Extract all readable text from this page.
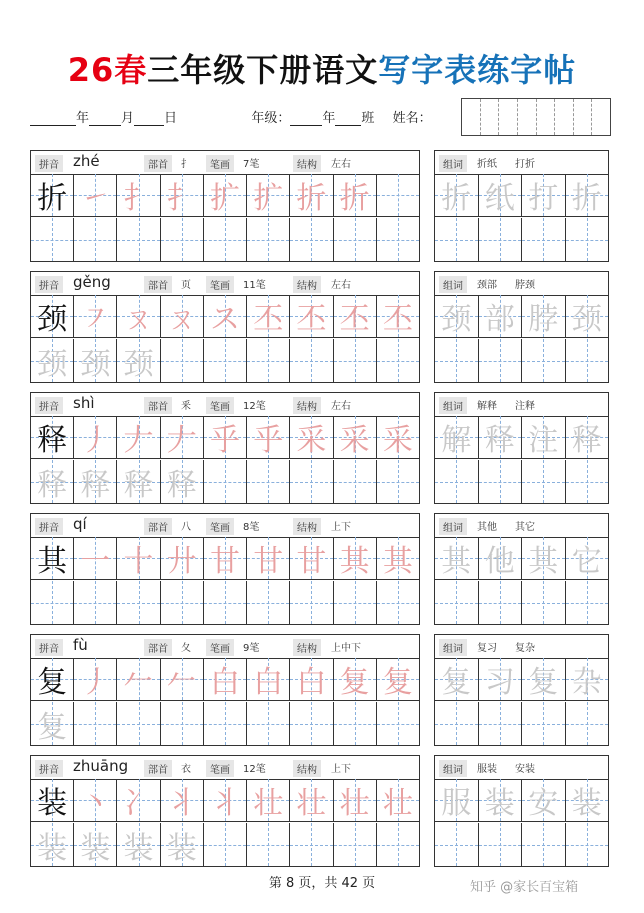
26春三年级下册语文写字表练字帖
年 月 日	年级： 年 班 姓名：
拼音 zhé	部首	扌	笔画	7笔	结构	左右
折 ㇀ 扌 扌 扩 扩 折 折
组词	折纸 打折
折 纸 打 折
拼音 gěng	部首	页	笔画	11笔	结构	左右
颈 ㇇ ㄡ ㄡ ス 丕 丕 丕 丕
颈 颈 颈
组词	颈部 脖颈
颈 部 脖 颈
拼音 shì	部首	釆	笔画	12笔	结构	左右
释 丿 𠂇 𠂇 乎 乎 采 采 采
释 释 释 释
组词	解释 注释
解 释 注 释
拼音 qí	部首	八	笔画	8笔	结构	上下
其 一 十 廾 甘 甘 甘 其 其
组词	其他 其它
其 他 其 它
拼音 fù	部首	夂	笔画	9笔	结构	上中下
复 丿 𠂉 𠂉 白 白 白 复 复
复
组词	复习 复杂
复 习 复 杂
拼音 zhuāng	部首	衣	笔画	12笔	结构	上下
装 丶 冫 丬 丬 壮 壮 壮 壮
装 装 装 装
组词	服装 安装
服 装 安 装
第 8 页，共 42 页	知乎 @家长百宝箱
